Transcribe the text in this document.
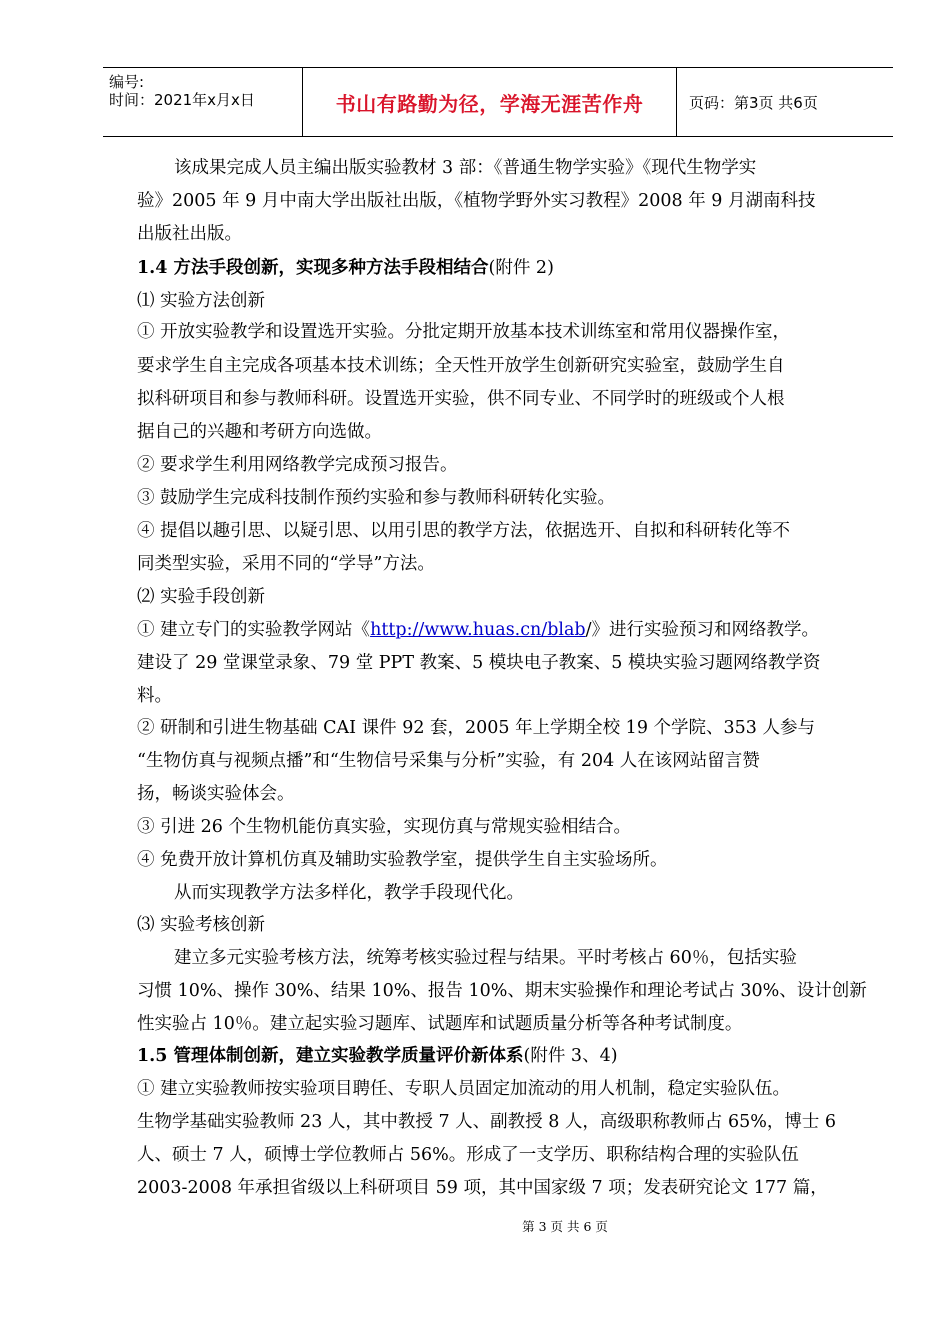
编号:
时间：2021年x月x日	书山有路勤为径，学海无涯苦作舟	页码：第3页 共6页
该成果完成人员主编出版实验教材 3 部：《普通生物学实验》《现代生物学实
验》2005 年 9 月中南大学出版社出版，《植物学野外实习教程》2008 年 9 月湖南科技
出版社出版。
1.4 方法手段创新，实现多种方法手段相结合(附件 2)
⑴ 实验方法创新
① 开放实验教学和设置选开实验。分批定期开放基本技术训练室和常用仪器操作室，
要求学生自主完成各项基本技术训练；全天性开放学生创新研究实验室，鼓励学生自
拟科研项目和参与教师科研。设置选开实验，供不同专业、不同学时的班级或个人根
据自己的兴趣和考研方向选做。
② 要求学生利用网络教学完成预习报告。
③ 鼓励学生完成科技制作预约实验和参与教师科研转化实验。
④ 提倡以趣引思、以疑引思、以用引思的教学方法，依据选开、自拟和科研转化等不
同类型实验，采用不同的“学导”方法。
⑵ 实验手段创新
① 建立专门的实验教学网站《http://www.huas.cn/blab/》进行实验预习和网络教学。
建设了 29 堂课堂录象、79 堂 PPT 教案、5 模块电子教案、5 模块实验习题网络教学资
料。
② 研制和引进生物基础 CAI 课件 92 套，2005 年上学期全校 19 个学院、353 人参与
“生物仿真与视频点播”和“生物信号采集与分析”实验，有 204 人在该网站留言赞
扬，畅谈实验体会。
③ 引进 26 个生物机能仿真实验，实现仿真与常规实验相结合。
④ 免费开放计算机仿真及辅助实验教学室，提供学生自主实验场所。
从而实现教学方法多样化，教学手段现代化。
⑶ 实验考核创新
建立多元实验考核方法，统筹考核实验过程与结果。平时考核占 60％，包括实验
习惯 10%、操作 30%、结果 10%、报告 10%、期末实验操作和理论考试占 30%、设计创新
性实验占 10％。建立起实验习题库、试题库和试题质量分析等各种考试制度。
1.5 管理体制创新，建立实验教学质量评价新体系(附件 3、4)
① 建立实验教师按实验项目聘任、专职人员固定加流动的用人机制，稳定实验队伍。
生物学基础实验教师 23 人，其中教授 7 人、副教授 8 人，高级职称教师占 65%，博士 6
人、硕士 7 人，硕博士学位教师占 56%。形成了一支学历、职称结构合理的实验队伍
2003-2008 年承担省级以上科研项目 59 项，其中国家级 7 项；发表研究论文 177 篇，
第 3 页 共 6 页
